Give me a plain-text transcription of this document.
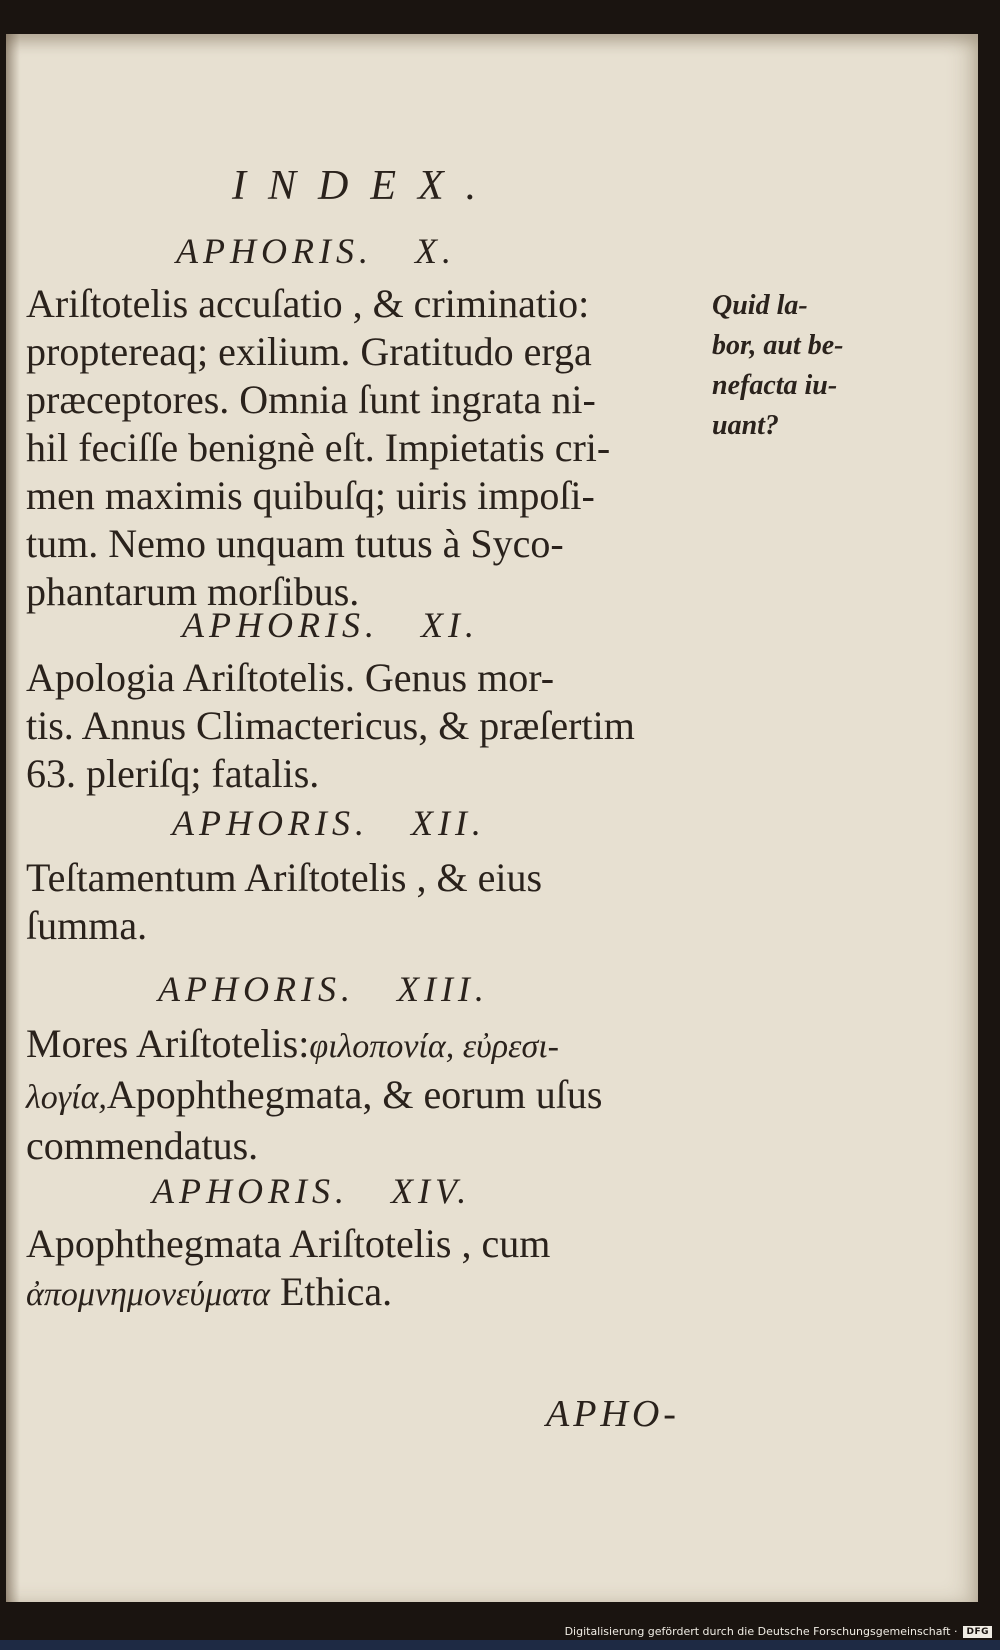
INDEX.
APHORIS. X.
Ariſtotelis accuſatio , & criminatio:
proptereaq; exilium. Gratitudo erga
præceptores. Omnia ſunt ingrata ni-
hil feciſſe benignè eſt. Impietatis cri-
men maximis quibuſq; uiris impoſi-
tum. Nemo unquam tutus à Syco-
phantarum morſibus.
Quid la-
bor, aut be-
nefacta iu-
uant?
APHORIS. XI.
Apologia Ariſtotelis. Genus mor-
tis. Annus Climactericus, & præſertim
63. pleriſq; fatalis.
APHORIS. XII.
Teſtamentum Ariſtotelis , & eius
ſumma.
APHORIS. XIII.
Mores Ariſtotelis:φιλοπονία, εὐρεσι-
λογία,Apophthegmata, & eorum uſus
commendatus.
APHORIS. XIV.
Apophthegmata Ariſtotelis , cum
ἀπομνημονεύματα Ethica.
APHO-
Digitalisierung gefördert durch die Deutsche Forschungsgemeinschaft ·	DFG
